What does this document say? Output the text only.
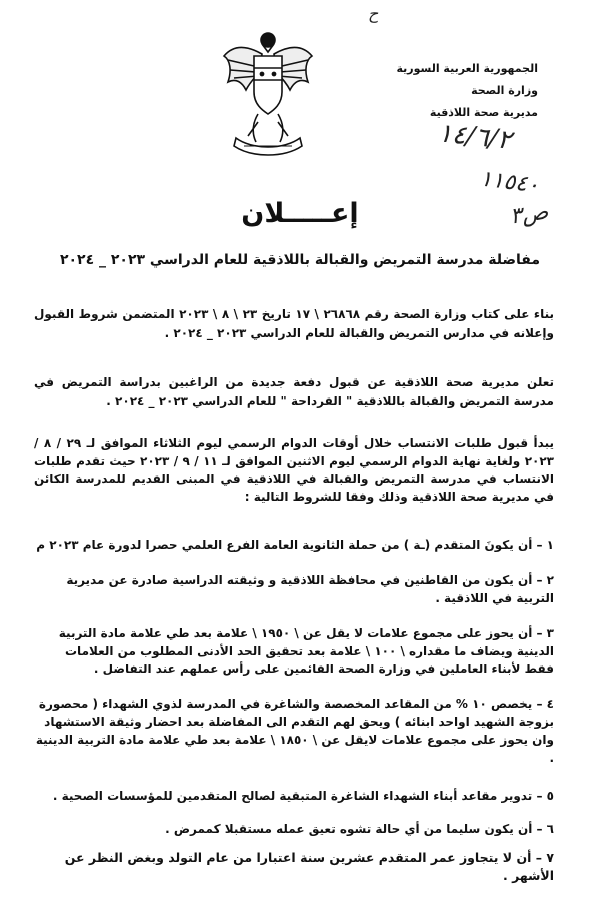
ح
الجمهورية العربية السورية
وزارة الصحة
مديرية صحة اللاذقية
١٤/٦/٢
١١٥٤٠
ص٣
إعـــــلان
مفاضلة مدرسة التمريض والقبالة باللاذقية للعام الدراسي ٢٠٢٣ _ ٢٠٢٤
بناء على كتاب وزارة الصحة رقم ٢٦٨٦٨ \ ١٧ تاريخ ٢٣ \ ٨ \ ٢٠٢٣ المتضمن شروط القبول وإعلانه في مدارس التمريض والقبالة للعام الدراسي ٢٠٢٣ _ ٢٠٢٤ .
تعلن مديرية صحة اللاذقية عن قبول دفعة جديدة من الراغبين بدراسة التمريض في مدرسة التمريض والقبالة باللاذقية " القرداحة " للعام الدراسي ٢٠٢٣ _ ٢٠٢٤ .
يبدأ قبول طلبات الانتساب خلال أوقات الدوام الرسمي ليوم الثلاثاء الموافق لـ ٢٩ / ٨ / ٢٠٢٣ ولغاية نهاية الدوام الرسمي ليوم الاثنين الموافق لـ ١١ / ٩ / ٢٠٢٣ حيث تقدم طلبات الانتساب في مدرسة التمريض والقبالة في اللاذقية في المبنى القديم للمدرسة الكائن في مديرية صحة اللاذقية وذلك وفقا للشروط التالية :
١ – أن يكونَ المتقدم (ـة ) من حملة الثانوية العامة الفرع العلمي حصرا لدورة عام ٢٠٢٣ م
٢ – أن يكون من القاطنين في محافظة اللاذقية و وثيقته الدراسية صادرة عن مديرية التربية في اللاذقية .
٣ – أن يحوز على مجموع علامات لا يقل عن \ ١٩٥٠ \ علامة بعد طي علامة مادة التربية الدينية ويضاف ما مقداره \ ١٠٠ \ علامة بعد تحقيق الحد الأدنى المطلوب من العلامات فقط لأبناء العاملين في وزارة الصحة القائمين على رأس عملهم عند التفاضل .
٤ – يخصص ١٠ % من المقاعد المخصصة والشاغرة في المدرسة لذوي الشهداء ( محصورة بزوجة الشهيد اواحد ابنائه ) ويحق لهم التقدم الى المفاضلة بعد احضار وثيقة الاستشهاد وان يحوز على مجموع علامات لايقل عن \ ١٨٥٠ \ علامة بعد طي علامة مادة التربية الدينية .
٥ – تدوير مقاعد أبناء الشهداء الشاغرة المتبقية لصالح المتقدمين للمؤسسات الصحية .
٦ – أن يكون سليما من أي حالة تشوه تعيق عمله مستقبلا كممرض .
٧ – أن لا يتجاوز عمر المتقدم عشرين سنة اعتبارا من عام التولد وبغض النظر عن الأشهر .
